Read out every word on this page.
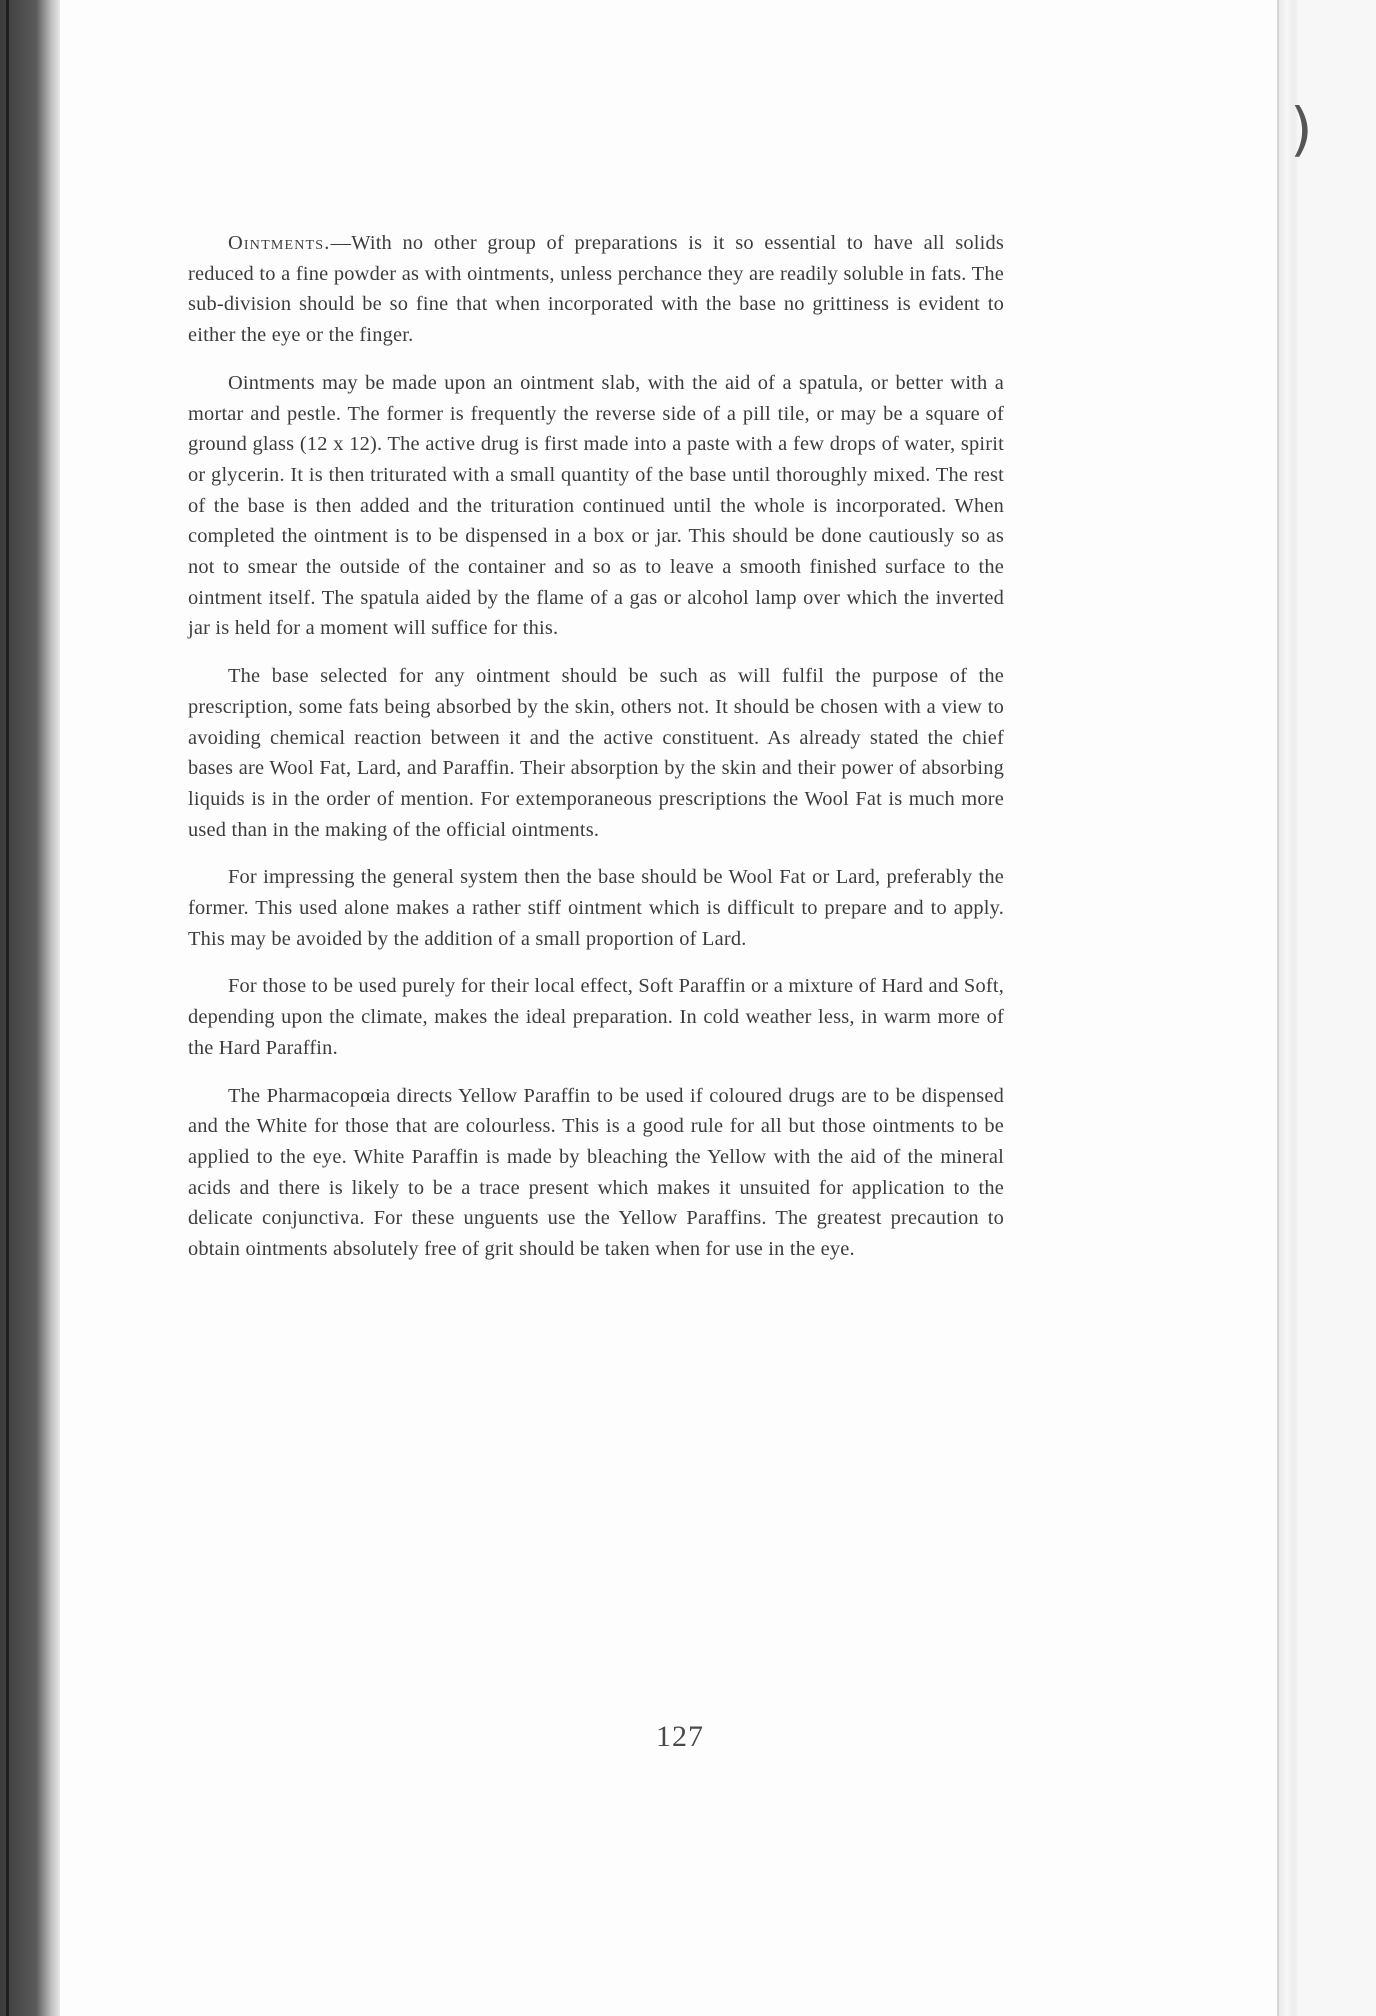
)

Ointments.—With no other group of preparations is it so essential to have all solids reduced to a fine powder as with ointments, unless perchance they are readily soluble in fats. The sub-division should be so fine that when incorporated with the base no grittiness is evident to either the eye or the finger.

Ointments may be made upon an ointment slab, with the aid of a spatula, or better with a mortar and pestle. The former is frequently the reverse side of a pill tile, or may be a square of ground glass (12 x 12). The active drug is first made into a paste with a few drops of water, spirit or glycerin. It is then triturated with a small quantity of the base until thoroughly mixed. The rest of the base is then added and the trituration continued until the whole is incorporated. When completed the ointment is to be dispensed in a box or jar. This should be done cautiously so as not to smear the outside of the container and so as to leave a smooth finished surface to the ointment itself. The spatula aided by the flame of a gas or alcohol lamp over which the inverted jar is held for a moment will suffice for this.

The base selected for any ointment should be such as will fulfil the purpose of the prescription, some fats being absorbed by the skin, others not. It should be chosen with a view to avoiding chemical reaction between it and the active constituent. As already stated the chief bases are Wool Fat, Lard, and Paraffin. Their absorption by the skin and their power of absorbing liquids is in the order of mention. For extemporaneous prescriptions the Wool Fat is much more used than in the making of the official ointments.

For impressing the general system then the base should be Wool Fat or Lard, preferably the former. This used alone makes a rather stiff ointment which is difficult to prepare and to apply. This may be avoided by the addition of a small proportion of Lard.

For those to be used purely for their local effect, Soft Paraffin or a mixture of Hard and Soft, depending upon the climate, makes the ideal preparation. In cold weather less, in warm more of the Hard Paraffin.

The Pharmacopœia directs Yellow Paraffin to be used if coloured drugs are to be dispensed and the White for those that are colourless. This is a good rule for all but those ointments to be applied to the eye. White Paraffin is made by bleaching the Yellow with the aid of the mineral acids and there is likely to be a trace present which makes it unsuited for application to the delicate conjunctiva. For these unguents use the Yellow Paraffins. The greatest precaution to obtain ointments absolutely free of grit should be taken when for use in the eye.

127
